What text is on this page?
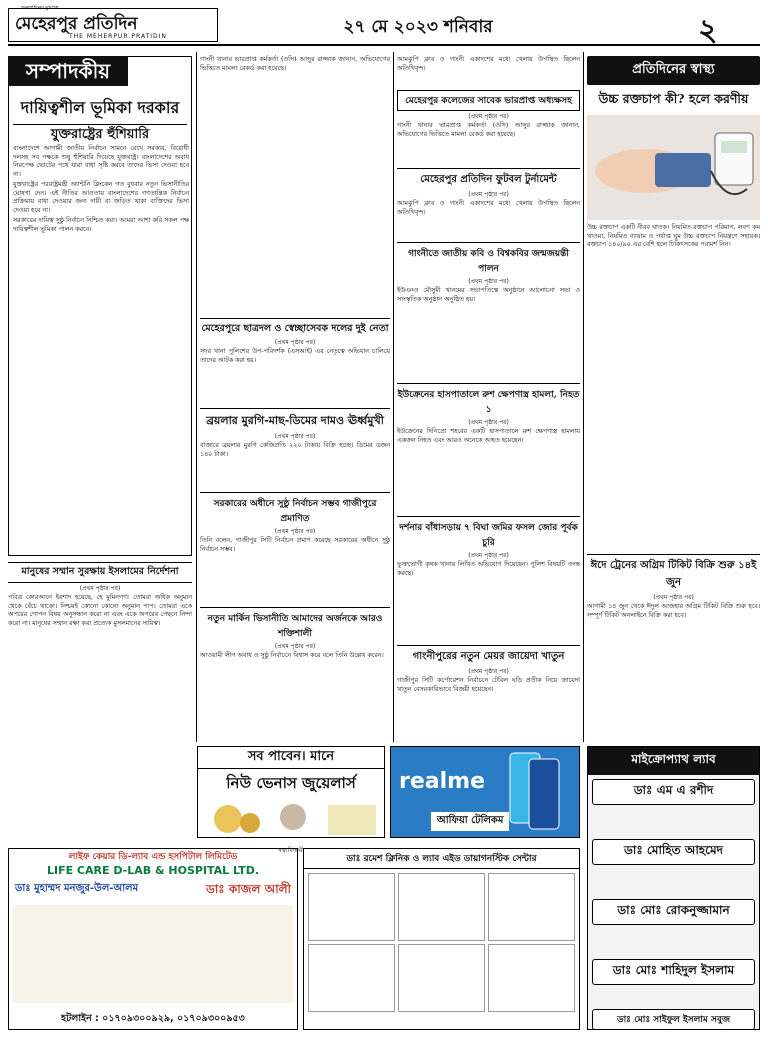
অনলাইনের মুখপত্র
মেহেরপুর প্রতিদিন
THE MEHERPUR PRATIDIN	২৭ মে ২০২৩ শনিবার	২
সম্পাদকীয়
দায়িত্বশীল ভূমিকা দরকার
যুক্তরাষ্ট্রের হুঁশিয়ারি

বাংলাদেশে আগামী জাতীয় নির্বাচন সামনে রেখে সরকার, বিরোধী দলসহ সব পক্ষকে শুধু হুঁশিয়ারি দিয়েছে যুক্তরাষ্ট্র। বাংলাদেশের অবাধ নিরপেক্ষ ভোটের পথে যারা বাধা সৃষ্টি করবে তাদের ভিসা দেওয়া হবে না।

যুক্তরাষ্ট্রের পররাষ্ট্রমন্ত্রী অ্যান্টনি ব্লিংকেন গত বুধবার নতুন ভিসানীতির ঘোষণা দেন। এই নীতির আওতায় বাংলাদেশের গণতান্ত্রিক নির্বাচন প্রক্রিয়ায় বাধা দেওয়ার জন্য দায়ী বা জড়িত থাকা ব্যক্তিদের ভিসা দেওয়া হবে না।

সরকারের দায়িত্ব সুষ্ঠু নির্বাচন নিশ্চিত করা। আমরা আশা করি সকল পক্ষ দায়িত্বশীল ভূমিকা পালন করবে।

মানুষের সম্মান সুরক্ষায় ইসলামের নির্দেশনা
(প্রথম পৃষ্ঠার পর)
পবিত্র কোরআনে ইরশাদ হয়েছে, হে মুমিনগণ! তোমরা অধিক অনুমান থেকে বেঁচে থাকো। নিশ্চয়ই কোনো কোনো অনুমান পাপ। তোমরা একে অপরের গোপন বিষয় অনুসন্ধান করো না এবং একে অপরের পেছনে নিন্দা করো না। মানুষের সম্মান রক্ষা করা প্রত্যেক মুসলমানের দায়িত্ব।
গাংনী থানার ভারপ্রাপ্ত কর্মকর্তা (ওসি) আব্দুর রাজ্জাক জানান, অভিযোগের ভিত্তিতে মামলা রেকর্ড করা হয়েছে।
মেহেরপুরে ছাত্রদল ও স্বেচ্ছাসেবক দলের দুই নেতা
(প্রথম পৃষ্ঠার পর)
সদর থানা পুলিশের উপ-পরিদর্শক (এসআই) এর নেতৃত্বে অভিযান চালিয়ে তাদের আটক করা হয়।
ব্রয়লার মুরগি-মাছ-ডিমের দামও ঊর্ধ্বমুখী
(প্রথম পৃষ্ঠার পর)
বাজারে ব্রয়লার মুরগি কেজিপ্রতি ২২০ টাকায় বিক্রি হচ্ছে। ডিমের ডজন ১৪০ টাকা।
সরকারের অধীনে সুষ্ঠু নির্বাচন সম্ভব গাজীপুরে প্রমাণিত
(প্রথম পৃষ্ঠার পর)
তিনি বলেন, গাজীপুর সিটি নির্বাচন প্রমাণ করেছে সরকারের অধীনে সুষ্ঠু নির্বাচন সম্ভব।
নতুন মার্কিন ভিসানীতি আমাদের অর্জনকে আরও শক্তিশালী
(প্রথম পৃষ্ঠার পর)
আওয়ামী লীগ অবাধ ও সুষ্ঠু নির্বাচনে বিশ্বাস করে বলে তিনি উল্লেখ করেন।
আমঝুপি ক্লাব ও গাংনী একাদশের মধ্যে খেলায় উপস্থিত ছিলেন অতিথিবৃন্দ।
মেহেরপুর কলেজের সাবেক ভারপ্রাপ্ত অধ্যক্ষসহ
(প্রথম পৃষ্ঠার পর)
গাংনী থানার ভারপ্রাপ্ত কর্মকর্তা (ওসি) আব্দুর রাজ্জাক জানান, অভিযোগের ভিত্তিতে মামলা রেকর্ড করা হয়েছে।
মেহেরপুর প্রতিদিন ফুটবল টুর্নামেন্ট
(প্রথম পৃষ্ঠার পর)
আমঝুপি ক্লাব ও গাংনী একাদশের মধ্যে খেলায় উপস্থিত ছিলেন অতিথিবৃন্দ।
গাংনীতে জাতীয় কবি ও বিশ্বকবির জন্মজয়ন্তী পালন
(প্রথম পৃষ্ঠার পর)
ইউএনও মৌসুমী খানমের সভাপতিত্বে অনুষ্ঠানে আলোচনা সভা ও সাংস্কৃতিক অনুষ্ঠান অনুষ্ঠিত হয়।
ইউক্রেনের হাসপাতালে রুশ ক্ষেপণাস্ত্র হামলা, নিহত ১
(প্রথম পৃষ্ঠার পর)
ইউক্রেনের দিনিপ্রো শহরের একটি হাসপাতালে রুশ ক্ষেপণাস্ত্র হামলায় একজন নিহত এবং আরও অনেকে আহত হয়েছেন।
দর্শনার বাঁধাসড়ায় ৭ বিঘা জমির ফসল জোর পূর্বক চুরি
(প্রথম পৃষ্ঠার পর)
ভুক্তভোগী কৃষক থানায় লিখিত অভিযোগ দিয়েছেন। পুলিশ বিষয়টি তদন্ত করছে।
গাংনীপুরের নতুন মেয়র জায়েদা খাতুন
(প্রথম পৃষ্ঠার পর)
গাজীপুর সিটি কর্পোরেশন নির্বাচনে টেবিল ঘড়ি প্রতীক নিয়ে জায়েদা খাতুন বেসরকারিভাবে বিজয়ী হয়েছেন।
প্রতিদিনের স্বাস্থ্য
উচ্চ রক্তচাপ কী? হলে করণীয়
উচ্চ রক্তচাপ একটি নীরব ঘাতক। নিয়মিত রক্তচাপ পরিমাপ, লবণ কম খাওয়া, নিয়মিত ব্যায়াম ও পর্যাপ্ত ঘুম উচ্চ রক্তচাপ নিয়ন্ত্রণে সহায়ক। রক্তচাপ ১৪০/৯০ এর বেশি হলে চিকিৎসকের পরামর্শ নিন।
ঈদে ট্রেনের অগ্রিম টিকিট বিক্রি শুরু ১৪ই জুন
(প্রথম পৃষ্ঠার পর)
আগামী ১৪ জুন থেকে ঈদুল আজহার অগ্রিম টিকিট বিক্রি শুরু হবে। সম্পূর্ণ টিকিট অনলাইনে বিক্রি করা হবে।
সব পাবেন। মানে
নিউ ভেনাস জুয়েলার্স
স্বত্বাধিকারী
realme
আফিয়া টেলিকম
লাইফ কেয়ার ডি-ল্যাব এন্ড হসপিটাল লিমিটেড
LIFE CARE D-LAB & HOSPITAL LTD.
ডাঃ মুহাম্মদ মনজুর-উল-আলম	ডাঃ কাজল আলী
হটলাইন : ০১৭০৯৩০০৯২৯, ০১৭০৯৩০০৯৫৩
ডাঃ রমেশ ক্লিনিক ও ল্যাব এইড ডায়াগনস্টিক সেন্টার
মাইক্রোপ্যাথ ল্যাব
ডাঃ এম এ রশীদ
ডাঃ মোহিত আহমেদ
ডাঃ মোঃ রোকনুজ্জামান
ডাঃ মোঃ শাহিদুল ইসলাম
ডাঃ মোঃ সাইফুল ইসলাম সবুজ
